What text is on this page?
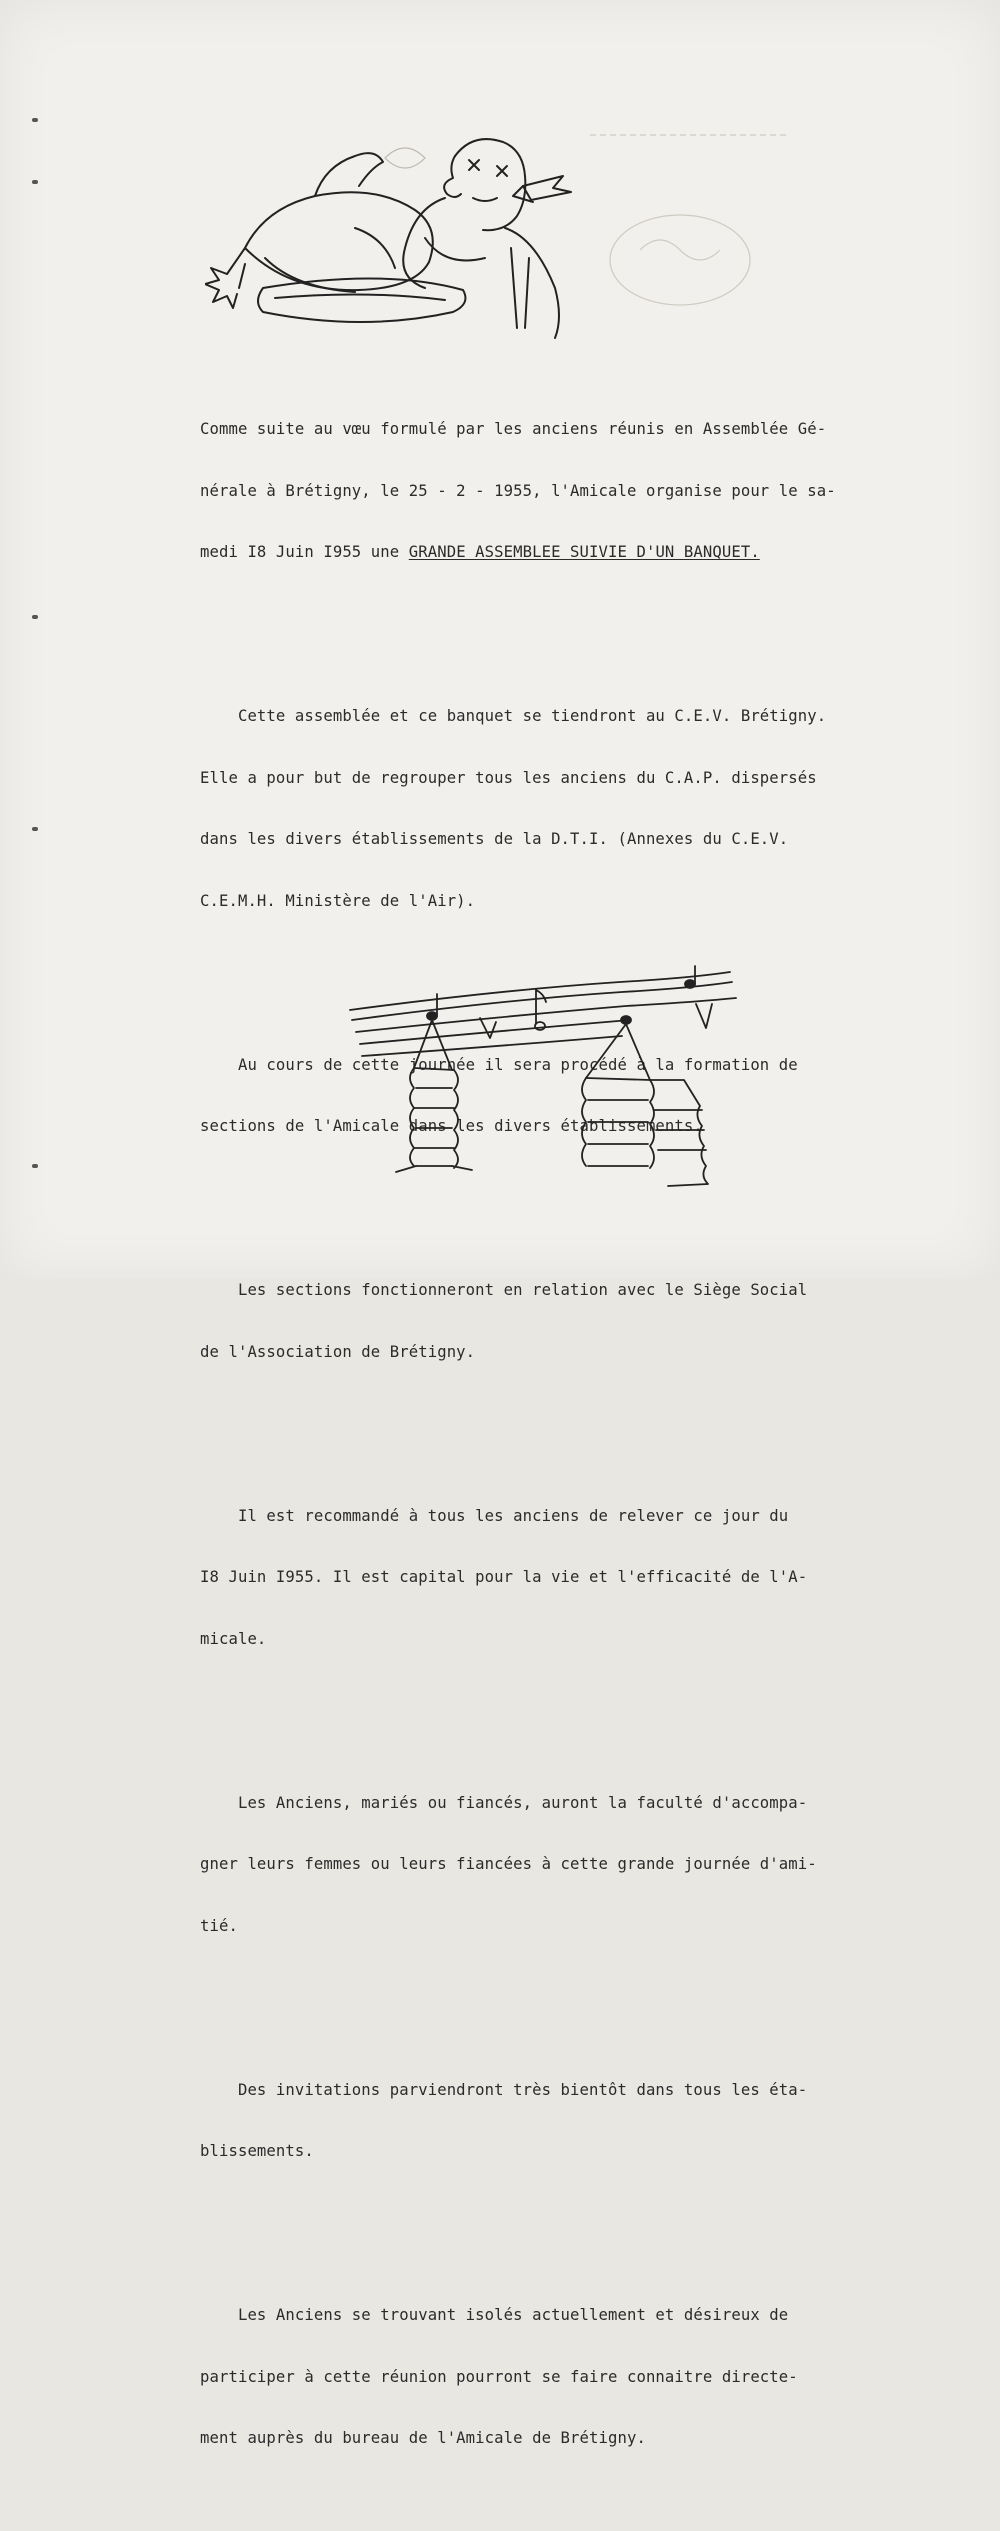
Comme suite au vœu formulé par les anciens réunis en Assemblée Gé-

nérale à Brétigny, le 25 - 2 - 1955, l'Amicale organise pour le sa-

medi I8 Juin I955 une GRANDE ASSEMBLEE SUIVIE D'UN BANQUET.

Cette assemblée et ce banquet se tiendront au C.E.V. Brétigny.

Elle a pour but de regrouper tous les anciens du C.A.P. dispersés

dans les divers établissements de la D.T.I. (Annexes du C.E.V.

C.E.M.H. Ministère de l'Air).

Au cours de cette journée il sera procédé à la formation de

sections de l'Amicale dans les divers établissements.

Les sections fonctionneront en relation avec le Siège Social

de l'Association de Brétigny.

Il est recommandé à tous les anciens de relever ce jour du

I8 Juin I955. Il est capital pour la vie et l'efficacité de l'A-

micale.

Les Anciens, mariés ou fiancés, auront la faculté d'accompa-

gner leurs femmes ou leurs fiancées à cette grande journée d'ami-

tié.

Des invitations parviendront très bientôt dans tous les éta-

blissements.

Les Anciens se trouvant isolés actuellement et désireux de

participer à cette réunion pourront se faire connaitre directe-

ment auprès du bureau de l'Amicale de Brétigny.
